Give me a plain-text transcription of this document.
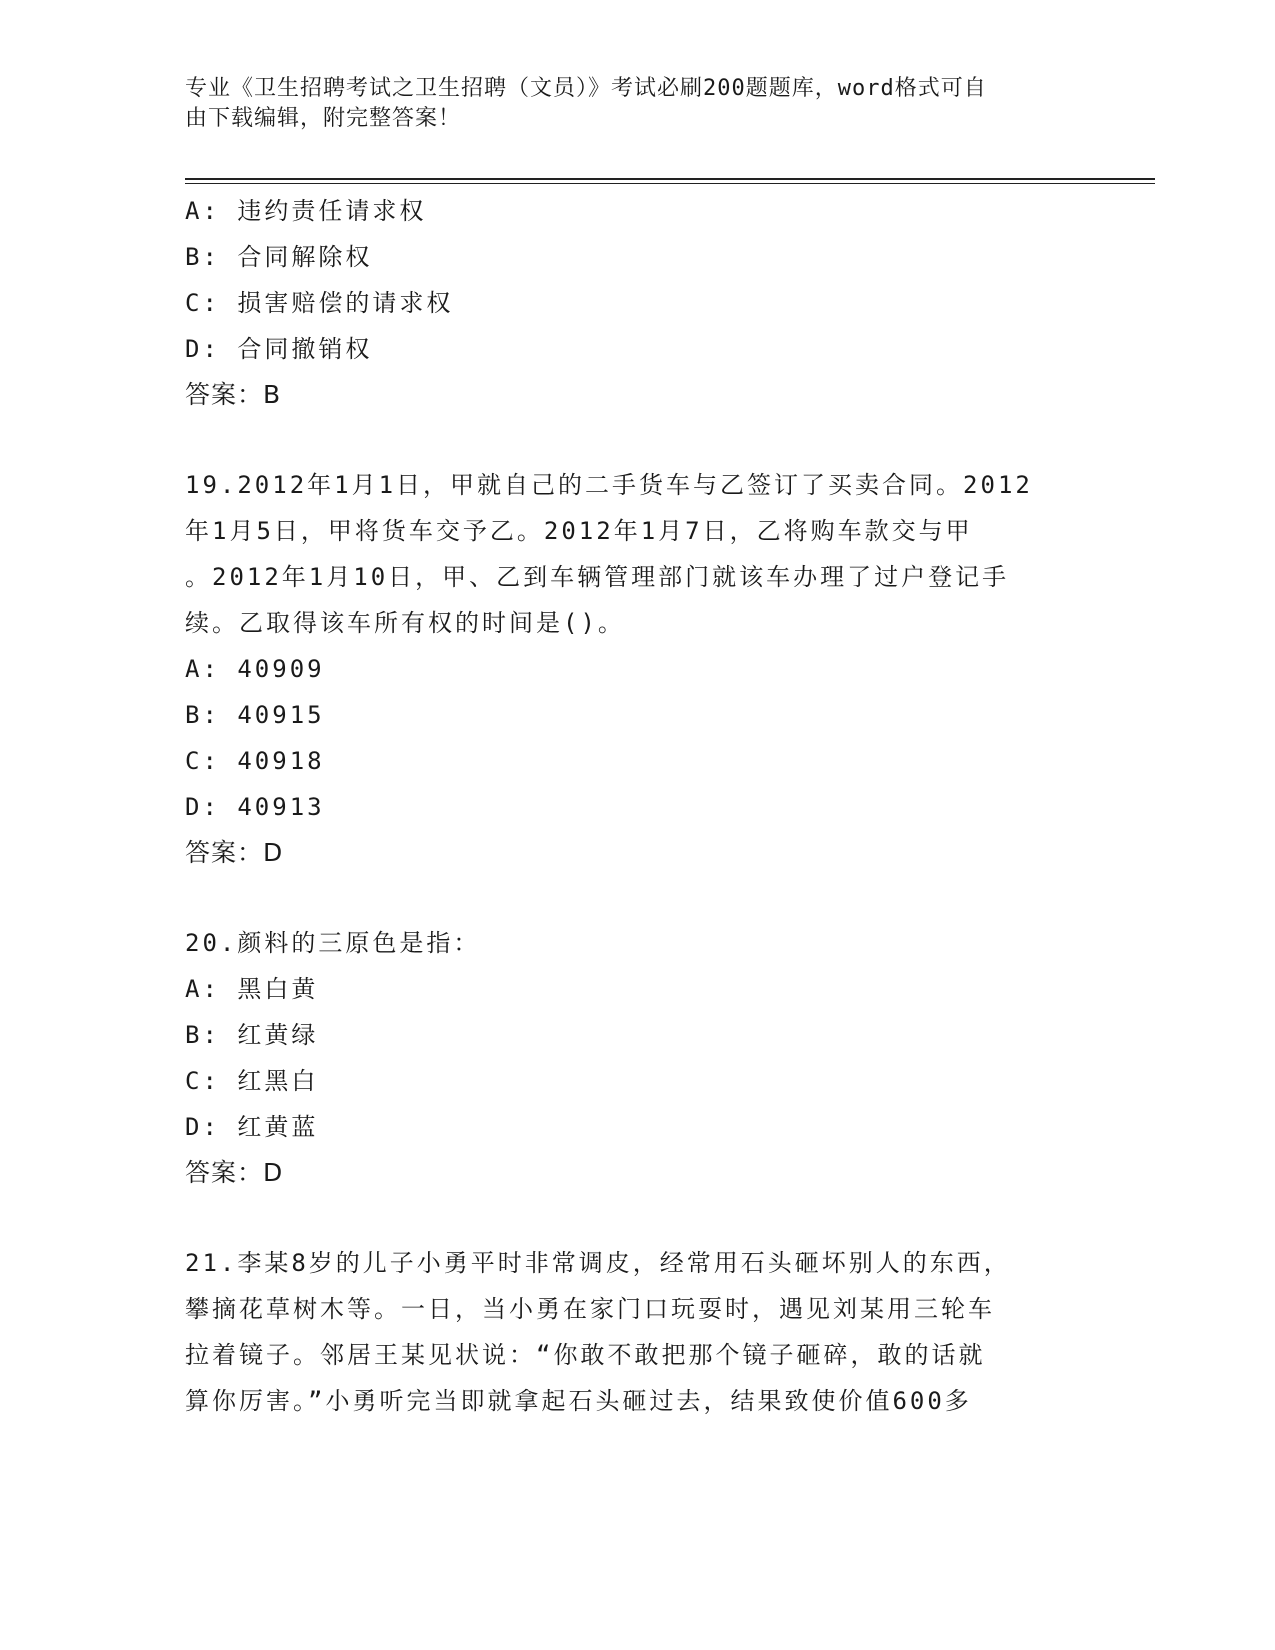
专业《卫生招聘考试之卫生招聘（文员）》考试必刷200题题库，word格式可自
由下载编辑，附完整答案！
A: 违约责任请求权
B: 合同解除权
C: 损害赔偿的请求权
D: 合同撤销权
答案：B
19.2012年1月1日，甲就自己的二手货车与乙签订了买卖合同。2012
年1月5日，甲将货车交予乙。2012年1月7日，乙将购车款交与甲
。2012年1月10日，甲、乙到车辆管理部门就该车办理了过户登记手
续。乙取得该车所有权的时间是()。
A: 40909
B: 40915
C: 40918
D: 40913
答案：D
20.颜料的三原色是指：
A: 黑白黄
B: 红黄绿
C: 红黑白
D: 红黄蓝
答案：D
21.李某8岁的儿子小勇平时非常调皮，经常用石头砸坏别人的东西，
攀摘花草树木等。一日，当小勇在家门口玩耍时，遇见刘某用三轮车
拉着镜子。邻居王某见状说：“你敢不敢把那个镜子砸碎，敢的话就
算你厉害。”小勇听完当即就拿起石头砸过去，结果致使价值600多
